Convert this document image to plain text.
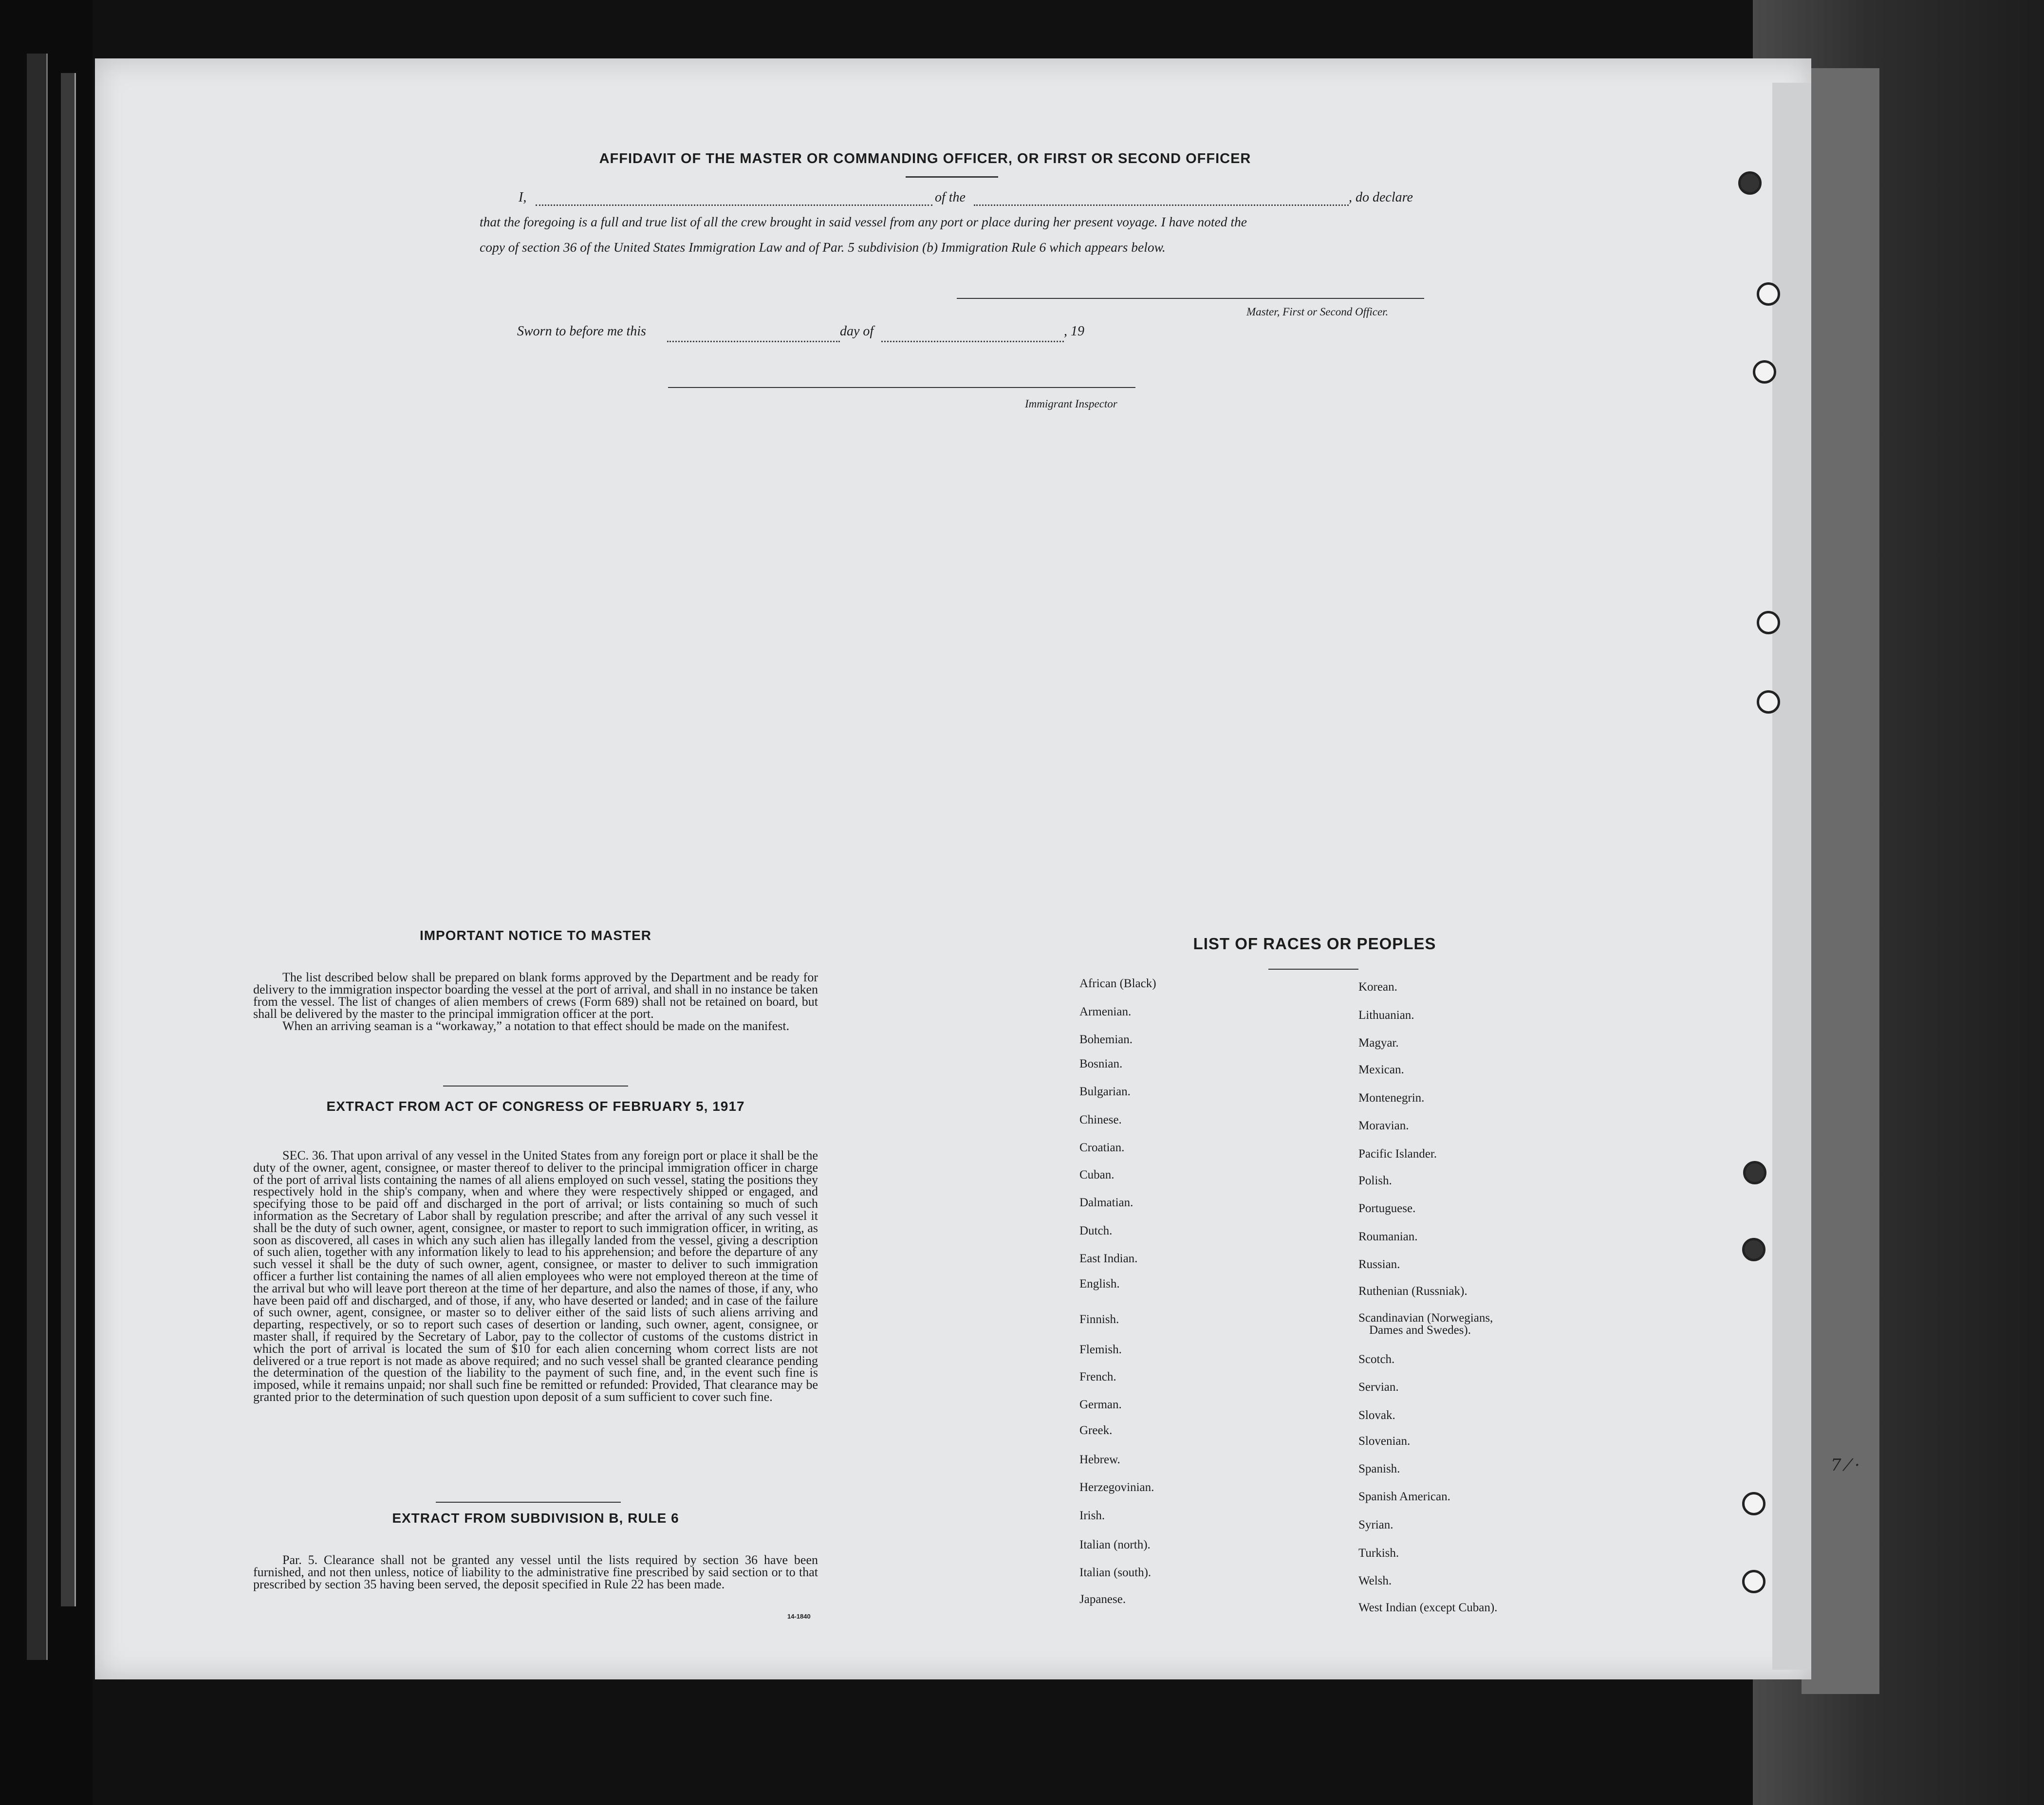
7 ⁄ ·
AFFIDAVIT OF THE MASTER OR COMMANDING OFFICER, OR FIRST OR SECOND OFFICER
I,	of the	, do declare
that the foregoing is a full and true list of all the crew brought in said vessel from any port or place during her present voyage. I have noted the
copy of section 36 of the United States Immigration Law and of Par. 5 subdivision (b) Immigration Rule 6 which appears below.
Master, First or Second Officer.
Sworn to before me this	day of	, 19
Immigrant Inspector
IMPORTANT NOTICE TO MASTER

The list described below shall be prepared on blank forms approved by the Department and be ready for delivery to the immigration inspector boarding the vessel at the port of arrival, and shall in no instance be taken from the vessel. The list of changes of alien members of crews (Form 689) shall not be retained on board, but shall be delivered by the master to the principal immigration officer at the port.

When an arriving seaman is a “workaway,” a notation to that effect should be made on the manifest.

EXTRACT FROM ACT OF CONGRESS OF FEBRUARY 5, 1917

SEC. 36. That upon arrival of any vessel in the United States from any foreign port or place it shall be the duty of the owner, agent, consignee, or master thereof to deliver to the principal immigration officer in charge of the port of arrival lists containing the names of all aliens employed on such vessel, stating the positions they respectively hold in the ship's company, when and where they were respectively shipped or engaged, and specifying those to be paid off and discharged in the port of arrival; or lists containing so much of such information as the Secretary of Labor shall by regulation prescribe; and after the arrival of any such vessel it shall be the duty of such owner, agent, consignee, or master to report to such immigration officer, in writing, as soon as discovered, all cases in which any such alien has illegally landed from the vessel, giving a description of such alien, together with any information likely to lead to his apprehension; and before the departure of any such vessel it shall be the duty of such owner, agent, consignee, or master to deliver to such immigration officer a further list containing the names of all alien employees who were not employed thereon at the time of the arrival but who will leave port thereon at the time of her departure, and also the names of those, if any, who have been paid off and discharged, and of those, if any, who have deserted or landed; and in case of the failure of such owner, agent, consignee, or master so to deliver either of the said lists of such aliens arriving and departing, respectively, or so to report such cases of desertion or landing, such owner, agent, consignee, or master shall, if required by the Secretary of Labor, pay to the collector of customs of the customs district in which the port of arrival is located the sum of $10 for each alien concerning whom correct lists are not delivered or a true report is not made as above required; and no such vessel shall be granted clearance pending the determination of the question of the liability to the payment of such fine, and, in the event such fine is imposed, while it remains unpaid; nor shall such fine be remitted or refunded: Provided, That clearance may be granted prior to the determination of such question upon deposit of a sum sufficient to cover such fine.

EXTRACT FROM SUBDIVISION B, RULE 6

Par. 5. Clearance shall not be granted any vessel until the lists required by section 36 have been furnished, and not then unless, notice of liability to the administrative fine prescribed by said section or to that prescribed by section 35 having been served, the deposit specified in Rule 22 has been made.

14-1840
LIST OF RACES OR PEOPLES
African (Black)
Armenian.
Bohemian.
Bosnian.
Bulgarian.
Chinese.
Croatian.
Cuban.
Dalmatian.
Dutch.
East Indian.
English.
Finnish.
Flemish.
French.
German.
Greek.
Hebrew.
Herzegovinian.
Irish.
Italian (north).
Italian (south).
Japanese.
Korean.
Lithuanian.
Magyar.
Mexican.
Montenegrin.
Moravian.
Pacific Islander.
Polish.
Portuguese.
Roumanian.
Russian.
Ruthenian (Russniak).
Scandinavian (Norwegians,
Dames and Swedes).
Scotch.
Servian.
Slovak.
Slovenian.
Spanish.
Spanish American.
Syrian.
Turkish.
Welsh.
West Indian (except Cuban).
